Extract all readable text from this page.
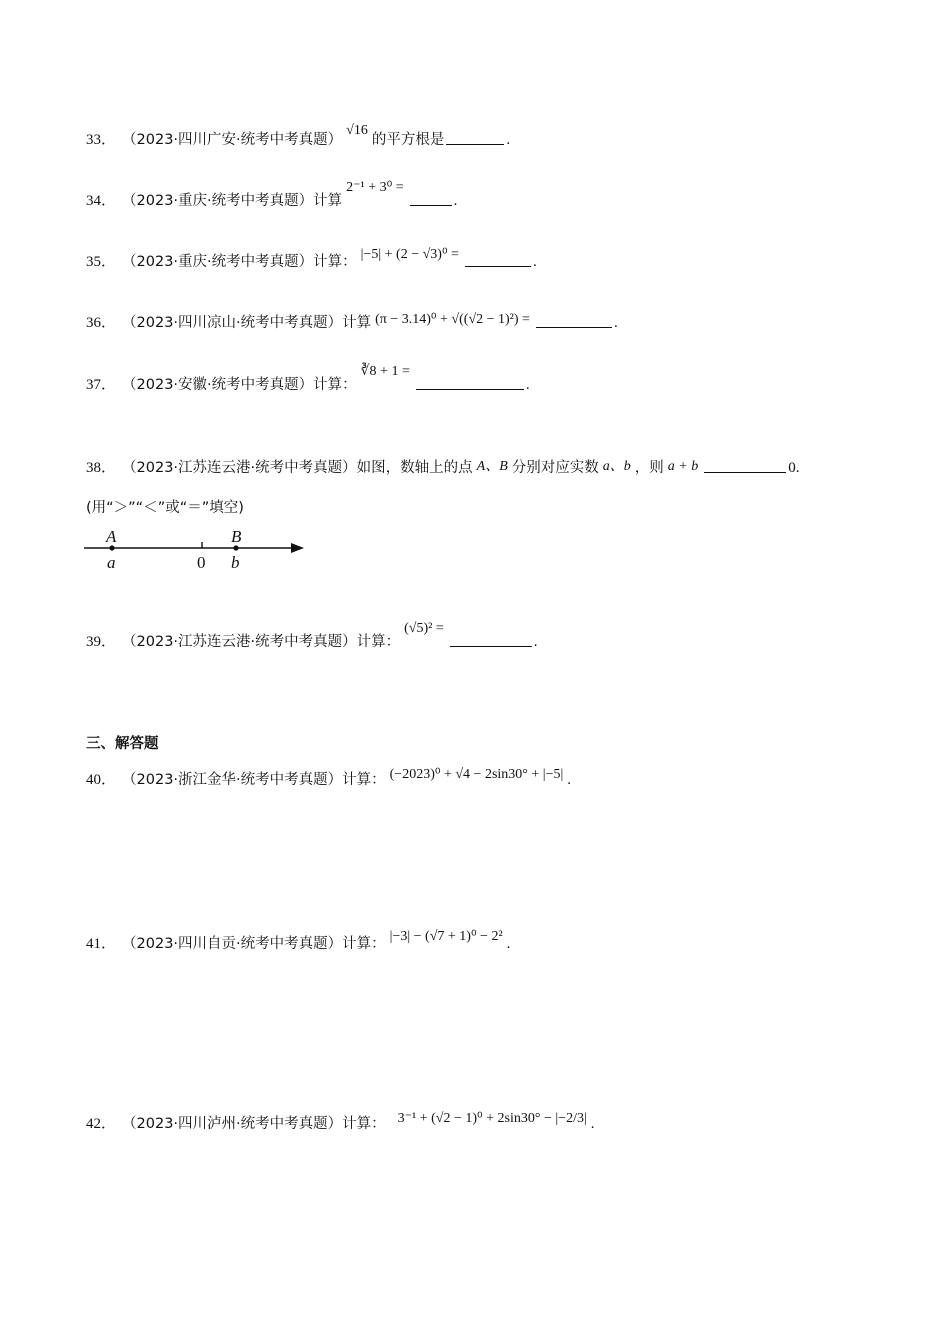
33． （2023·四川广安·统考中考真题）
√16
的平方根是	.
34． （2023·重庆·统考中考真题） 计算
2⁻¹ + 3⁰ =
.
35． （2023·重庆·统考中考真题） 计算： |−5| + (2 − √3)⁰ =	.
36． （2023·四川凉山·统考中考真题） 计算 (π − 3.14)⁰ + √((√2 − 1)²) =	.
37． （2023·安徽·统考中考真题） 计算：
∛8 + 1 =
.
38． （2023·江苏连云港·统考中考真题） 如图，数轴上的点 A、B 分别对应实数 a、b ，则 a + b	0.
(用“＞”“＜”或“＝”填空)
A	B
a	0 b
39． （2023·江苏连云港·统考中考真题） 计算：
(√5)² =
.
三、解答题
40． （2023·浙江金华·统考中考真题） 计算： (−2023)⁰ + √4 − 2sin30° + |−5| .
41． （2023·四川自贡·统考中考真题） 计算： |−3| − (√7 + 1)⁰ − 2² .
42． （2023·四川泸州·统考中考真题） 计算： 3⁻¹ + (√2 − 1)⁰ + 2sin30° − |−2/3| .
